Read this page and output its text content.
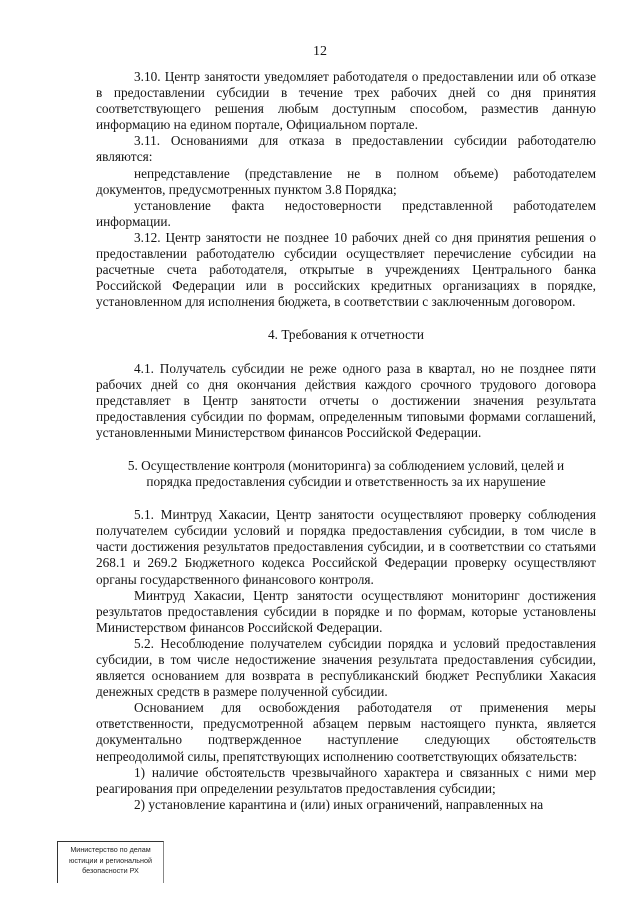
12

3.10. Центр занятости уведомляет работодателя о предоставлении или об отказе в предоставлении субсидии в течение трех рабочих дней со дня принятия соответствующего решения любым доступным способом, разместив данную информацию на едином портале, Официальном портале.

3.11. Основаниями для отказа в предоставлении субсидии работодателю являются:

непредставление (представление не в полном объеме) работодателем документов, предусмотренных пунктом 3.8 Порядка;

установление факта недостоверности представленной работодателем информации.

3.12. Центр занятости не позднее 10 рабочих дней со дня принятия решения о предоставлении работодателю субсидии осуществляет перечисление субсидии на расчетные счета работодателя, открытые в учреждениях Центрального банка Российской Федерации или в российских кредитных организациях в порядке, установленном для исполнения бюджета, в соответствии с заключенным договором.

4. Требования к отчетности

4.1. Получатель субсидии не реже одного раза в квартал, но не позднее пяти рабочих дней со дня окончания действия каждого срочного трудового договора представляет в Центр занятости отчеты о достижении значения результата предоставления субсидии по формам, определенным типовыми формами соглашений, установленными Министерством финансов Российской Федерации.

5. Осуществление контроля (мониторинга) за соблюдением условий, целей и порядка предоставления субсидии и ответственность за их нарушение

5.1. Минтруд Хакасии, Центр занятости осуществляют проверку соблюдения получателем субсидии условий и порядка предоставления субсидии, в том числе в части достижения результатов предоставления субсидии, и в соответствии со статьями 268.1 и 269.2 Бюджетного кодекса Российской Федерации проверку осуществляют органы государственного финансового контроля.

Минтруд Хакасии, Центр занятости осуществляют мониторинг достижения результатов предоставления субсидии в порядке и по формам, которые установлены Министерством финансов Российской Федерации.

5.2. Несоблюдение получателем субсидии порядка и условий предоставления субсидии, в том числе недостижение значения результата предоставления субсидии, является основанием для возврата в республиканский бюджет Республики Хакасия денежных средств в размере полученной субсидии.

Основанием для освобождения работодателя от применения меры ответственности, предусмотренной абзацем первым настоящего пункта, является документально подтвержденное наступление следующих обстоятельств непреодолимой силы, препятствующих исполнению соответствующих обязательств:

1) наличие обстоятельств чрезвычайного характера и связанных с ними мер реагирования при определении результатов предоставления субсидии;

2) установление карантина и (или) иных ограничений, направленных на

Министерство по делам
юстиции и региональной
безопасности РХ
